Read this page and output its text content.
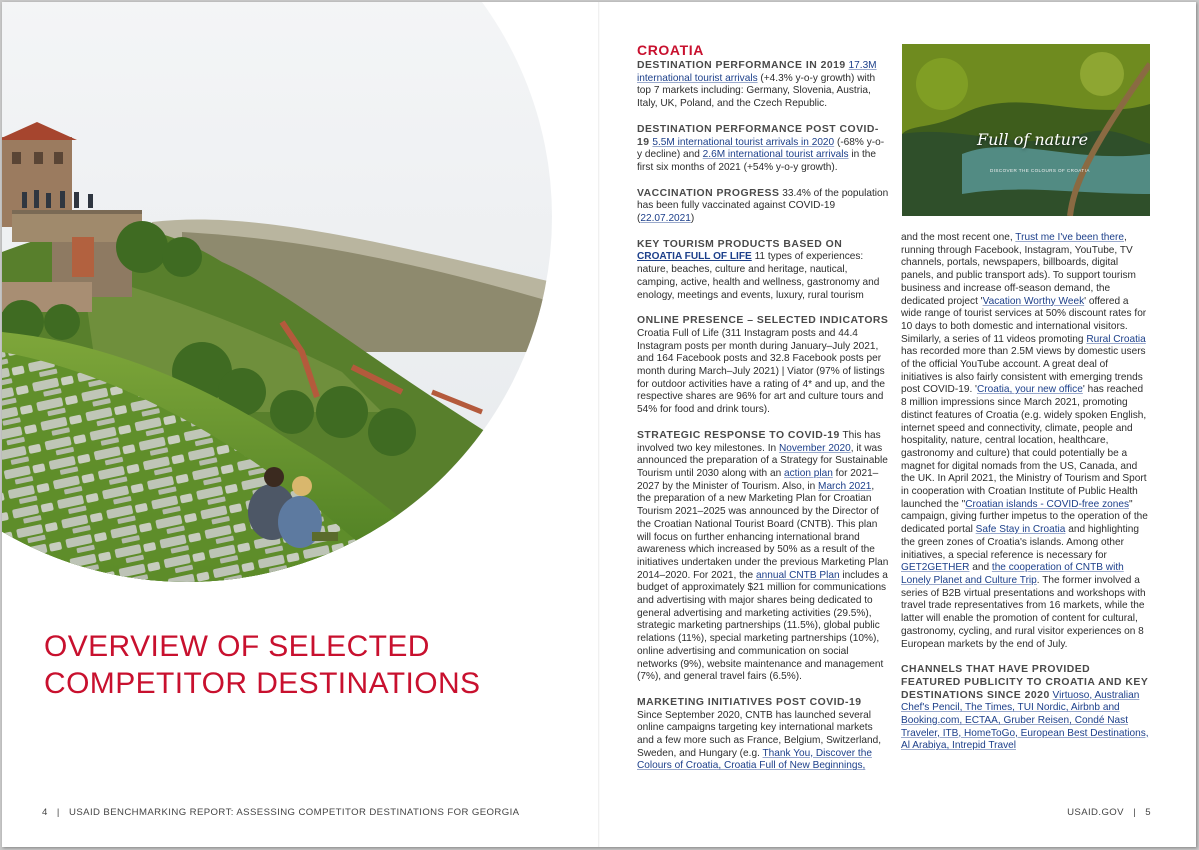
OVERVIEW OF SELECTED
COMPETITOR DESTINATIONS
4   |   USAID BENCHMARKING REPORT: ASSESSING COMPETITOR DESTINATIONS FOR GEORGIA
CROATIA
DESTINATION PERFORMANCE IN 2019 17.3M international tourist arrivals (+4.3% y-o-y growth) with top 7 markets including: Germany, Slovenia, Austria, Italy, UK, Poland, and the Czech Republic.
DESTINATION PERFORMANCE POST COVID-19 5.5M international tourist arrivals in 2020 (-68% y-o-y decline) and 2.6M international tourist arrivals in the first six months of 2021 (+54% y-o-y growth).
VACCINATION PROGRESS 33.4% of the population has been fully vaccinated against COVID-19 (22.07.2021)
KEY TOURISM PRODUCTS BASED ON
CROATIA FULL OF LIFE 11 types of experiences: nature, beaches, culture and heritage, nautical, camping, active, health and wellness, gastronomy and enology, meetings and events, luxury, rural tourism
ONLINE PRESENCE – SELECTED INDICATORS
Croatia Full of Life (311 Instagram posts and 44.4 Instagram posts per month during January–July 2021, and 164 Facebook posts and 32.8 Facebook posts per month during March–July 2021) | Viator (97% of listings for outdoor activities have a rating of 4* and up, and the respective shares are 96% for art and culture tours and 54% for food and drink tours).
STRATEGIC RESPONSE TO COVID-19 This has involved two key milestones. In November 2020, it was announced the preparation of a Strategy for Sustainable Tourism until 2030 along with an action plan for 2021–2027 by the Minister of Tourism. Also, in March 2021, the preparation of a new Marketing Plan for Croatian Tourism 2021–2025 was announced by the Director of the Croatian National Tourist Board (CNTB). This plan will focus on further enhancing international brand awareness which increased by 50% as a result of the initiatives undertaken under the previous Marketing Plan 2014–2020. For 2021, the annual CNTB Plan includes a budget of approximately $21 million for communications and advertising with major shares being dedicated to general advertising and marketing activities (29.5%), strategic marketing partnerships (11.5%), global public relations (11%), special marketing partnerships (10%), online advertising and communication on social networks (9%), website maintenance and management (7%), and general travel fairs (6.5%).
MARKETING INITIATIVES POST COVID-19
Since September 2020, CNTB has launched several online campaigns targeting key international markets and a few more such as France, Belgium, Switzerland, Sweden, and Hungary (e.g. Thank You, Discover the Colours of Croatia, Croatia Full of New Beginnings,
Full of nature
DISCOVER THE COLOURS OF CROATIA
and the most recent one, Trust me I've been there, running through Facebook, Instagram, YouTube, TV channels, portals, newspapers, billboards, digital panels, and public transport ads). To support tourism business and increase off-season demand, the dedicated project 'Vacation Worthy Week' offered a wide range of tourist services at 50% discount rates for 10 days to both domestic and international visitors. Similarly, a series of 11 videos promoting Rural Croatia has recorded more than 2.5M views by domestic users of the official YouTube account. A great deal of initiatives is also fairly consistent with emerging trends post COVID-19. 'Croatia, your new office' has reached 8 million impressions since March 2021, promoting distinct features of Croatia (e.g. widely spoken English, internet speed and connectivity, climate, people and hospitality, nature, central location, healthcare, gastronomy and culture) that could potentially be a magnet for digital nomads from the US, Canada, and the UK. In April 2021, the Ministry of Tourism and Sport in cooperation with Croatian Institute of Public Health launched the "Croatian islands - COVID-free zones" campaign, giving further impetus to the operation of the dedicated portal Safe Stay in Croatia and highlighting the green zones of Croatia's islands. Among other initiatives, a special reference is necessary for GET2GETHER and the cooperation of CNTB with Lonely Planet and Culture Trip. The former involved a series of B2B virtual presentations and workshops with travel trade representatives from 16 markets, while the latter will enable the promotion of content for cultural, gastronomy, cycling, and rural visitor experiences on 8 European markets by the end of July.
CHANNELS THAT HAVE PROVIDED FEATURED PUBLICITY TO CROATIA AND KEY DESTINATIONS SINCE 2020 Virtuoso, Australian Chef's Pencil, The Times, TUI Nordic, Airbnb and Booking.com, ECTAA, Gruber Reisen, Condé Nast Traveler, ITB, HomeToGo, European Best Destinations, Al Arabiya, Intrepid Travel
USAID.GOV   |   5
